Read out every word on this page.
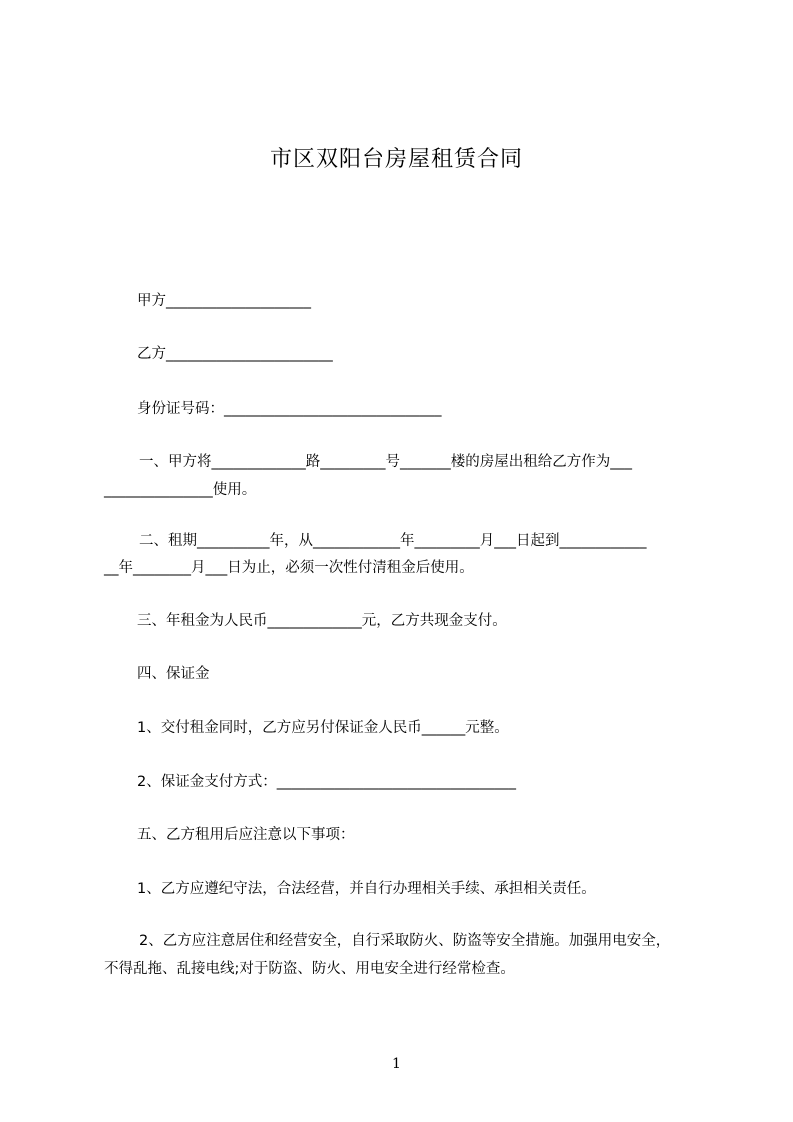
市区双阳台房屋租赁合同
甲方____________________
乙方_______________________
身份证号码：______________________________
一、甲方将_____________路_________号_______楼的房屋出租给乙方作为___
_______________使用。
二、租期__________年，从____________年_________月___日起到____________
__年________月___日为止，必须一次性付清租金后使用。
三、年租金为人民币_____________元，乙方共现金支付。
四、保证金
1、交付租金同时，乙方应另付保证金人民币______元整。
2、保证金支付方式：_________________________________
五、乙方租用后应注意以下事项：
1、乙方应遵纪守法，合法经营，并自行办理相关手续、承担相关责任。
2、乙方应注意居住和经营安全，自行采取防火、防盗等安全措施。加强用电安全，
不得乱拖、乱接电线;对于防盗、防火、用电安全进行经常检查。
1
